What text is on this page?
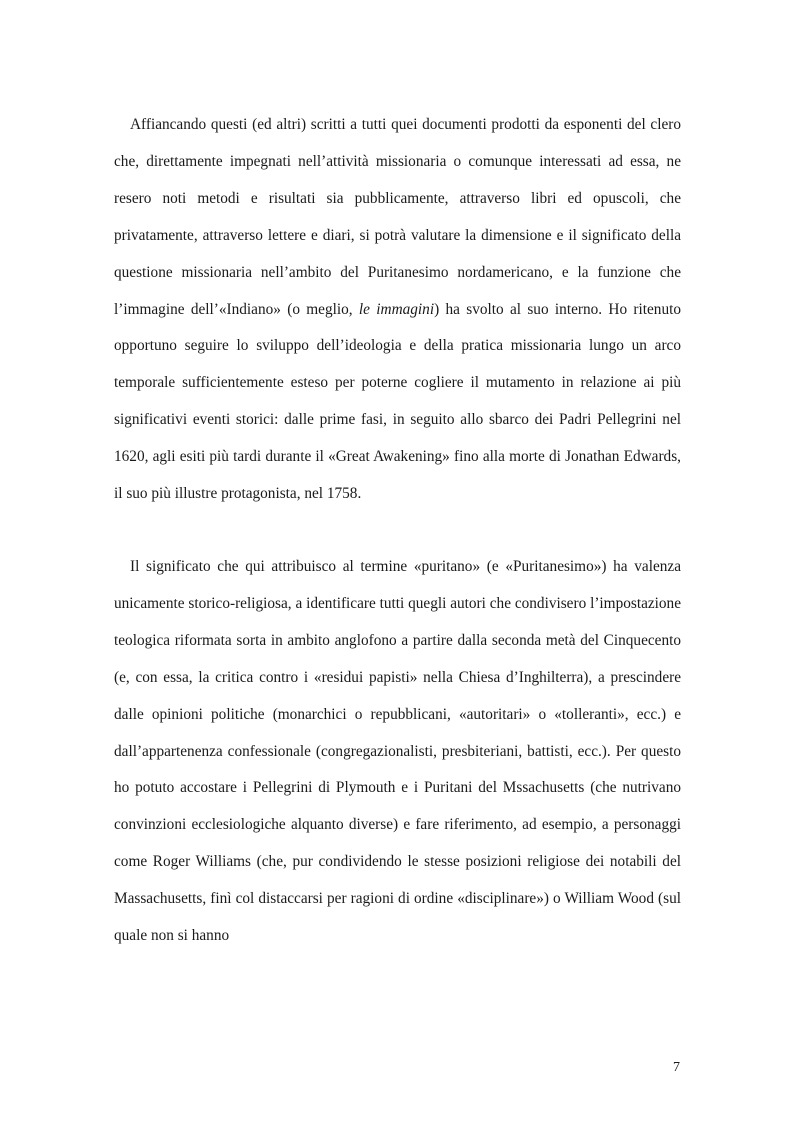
Affiancando questi (ed altri) scritti a tutti quei documenti prodotti da esponenti del clero che, direttamente impegnati nell’attività missionaria o comunque interessati ad essa, ne resero noti metodi e risultati sia pubblicamente, attraverso libri ed opuscoli, che privatamente, attraverso lettere e diari, si potrà valutare la dimensione e il significato della questione missionaria nell’ambito del Puritanesimo nordamericano, e la funzione che l’immagine dell’«Indiano» (o meglio, le immagini) ha svolto al suo interno. Ho ritenuto opportuno seguire lo sviluppo dell’ideologia e della pratica missionaria lungo un arco temporale sufficientemente esteso per poterne cogliere il mutamento in relazione ai più significativi eventi storici: dalle prime fasi, in seguito allo sbarco dei Padri Pellegrini nel 1620, agli esiti più tardi durante il «Great Awakening» fino alla morte di Jonathan Edwards, il suo più illustre protagonista, nel 1758.

Il significato che qui attribuisco al termine «puritano» (e «Puritanesimo») ha valenza unicamente storico-religiosa, a identificare tutti quegli autori che condivisero l’impostazione teologica riformata sorta in ambito anglofono a partire dalla seconda metà del Cinquecento (e, con essa, la critica contro i «residui papisti» nella Chiesa d’Inghilterra), a prescindere dalle opinioni politiche (monarchici o repubblicani, «autoritari» o «tolleranti», ecc.) e dall’appartenenza confessionale (congregazionalisti, presbiteriani, battisti, ecc.). Per questo ho potuto accostare i Pellegrini di Plymouth e i Puritani del Mssachusetts (che nutrivano convinzioni ecclesiologiche alquanto diverse) e fare riferimento, ad esempio, a personaggi come Roger Williams (che, pur condividendo le stesse posizioni religiose dei notabili del Massachusetts, finì col distaccarsi per ragioni di ordine «disciplinare») o William Wood (sul quale non si hanno

7
